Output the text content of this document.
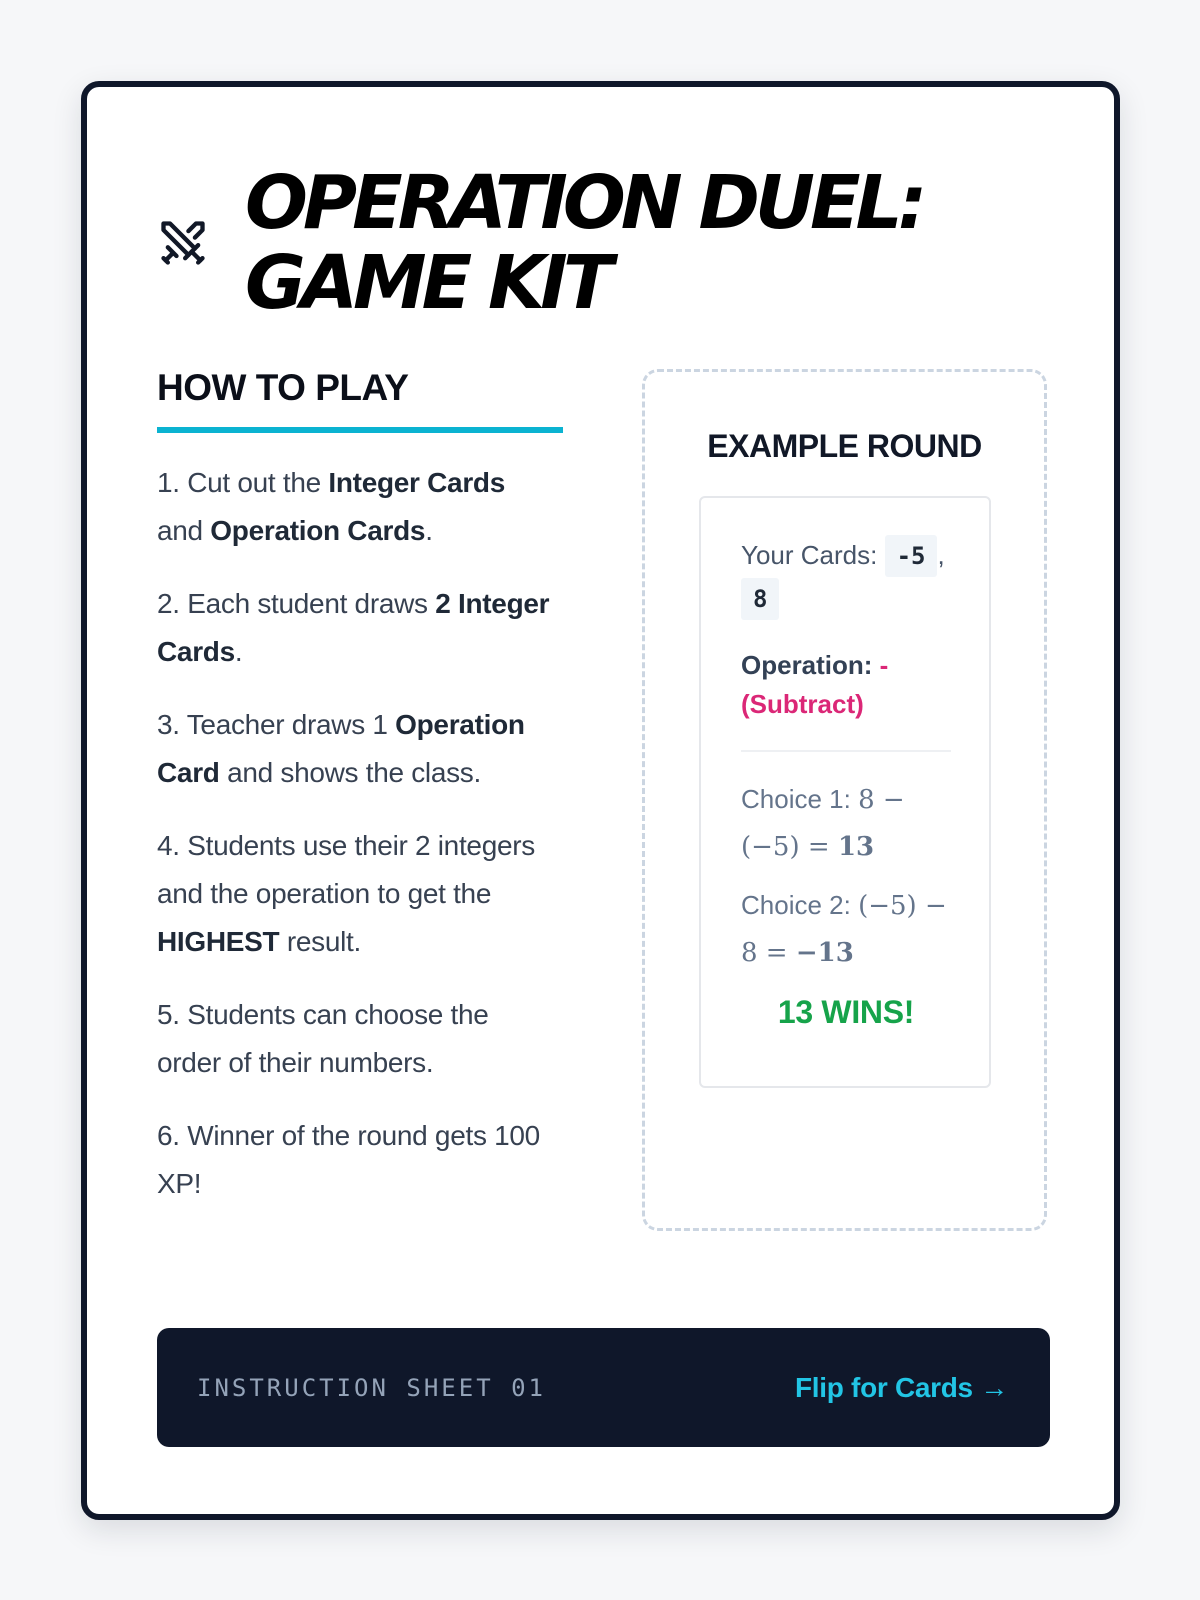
OPERATION DUEL:
GAME KIT
HOW TO PLAY

1. Cut out the Integer Cards and Operation Cards.

2. Each student draws 2 Integer Cards.

3. Teacher draws 1 Operation Card and shows the class.

4. Students use their 2 integers and the operation to get the HIGHEST result.

5. Students can choose the order of their numbers.

6. Winner of the round gets 100 XP!

EXAMPLE ROUND
Your Cards: -5 ,
8
Operation: - (Subtract)
Choice 1: 8 − (−5) = 13
Choice 2: (−5) − 8 = −13
13 WINS!
INSTRUCTION SHEET 01	Flip for Cards →
